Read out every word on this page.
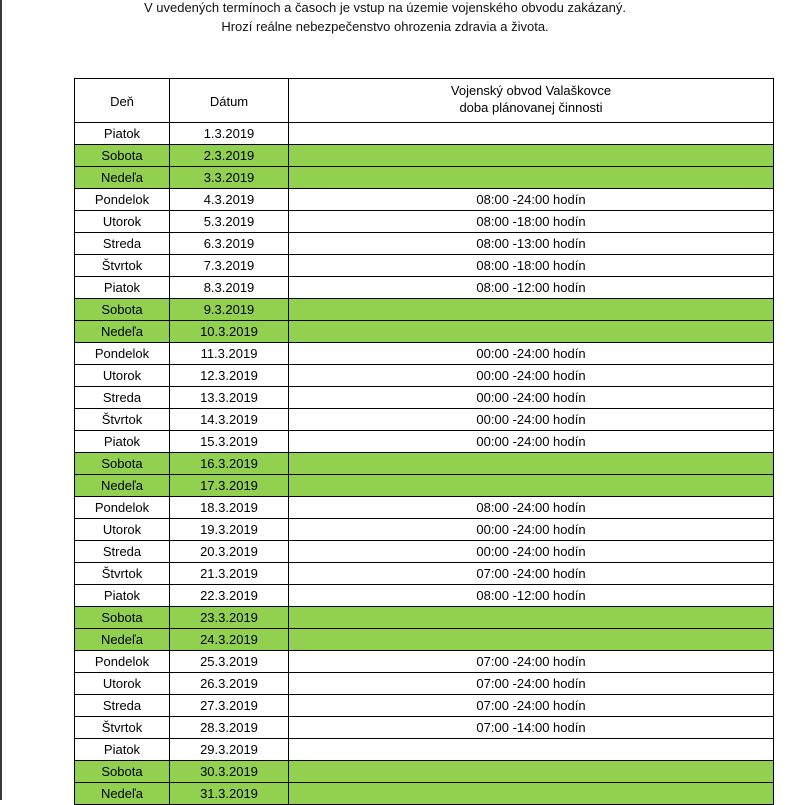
V uvedených termínoch a časoch je vstup na územie vojenského obvodu zakázaný.
Hrozí reálne nebezpečenstvo ohrozenia zdravia a života.
Deň	Dátum	Vojenský obvod Valaškovce
doba plánovanej činnosti

Piatok	1.3.2019	
Sobota	2.3.2019	
Nedeľa	3.3.2019	
Pondelok	4.3.2019	08:00 -24:00 hodín
Utorok	5.3.2019	08:00 -18:00 hodín
Streda	6.3.2019	08:00 -13:00 hodín
Štvrtok	7.3.2019	08:00 -18:00 hodín
Piatok	8.3.2019	08:00 -12:00 hodín
Sobota	9.3.2019	
Nedeľa	10.3.2019	
Pondelok	11.3.2019	00:00 -24:00 hodín
Utorok	12.3.2019	00:00 -24:00 hodín
Streda	13.3.2019	00:00 -24:00 hodín
Štvrtok	14.3.2019	00:00 -24:00 hodín
Piatok	15.3.2019	00:00 -24:00 hodín
Sobota	16.3.2019	
Nedeľa	17.3.2019	
Pondelok	18.3.2019	08:00 -24:00 hodín
Utorok	19.3.2019	00:00 -24:00 hodín
Streda	20.3.2019	00:00 -24:00 hodín
Štvrtok	21.3.2019	07:00 -24:00 hodín
Piatok	22.3.2019	08:00 -12:00 hodín
Sobota	23.3.2019	
Nedeľa	24.3.2019	
Pondelok	25.3.2019	07:00 -24:00 hodín
Utorok	26.3.2019	07:00 -24:00 hodín
Streda	27.3.2019	07:00 -24:00 hodín
Štvrtok	28.3.2019	07:00 -14:00 hodín
Piatok	29.3.2019	
Sobota	30.3.2019	
Nedeľa	31.3.2019	
